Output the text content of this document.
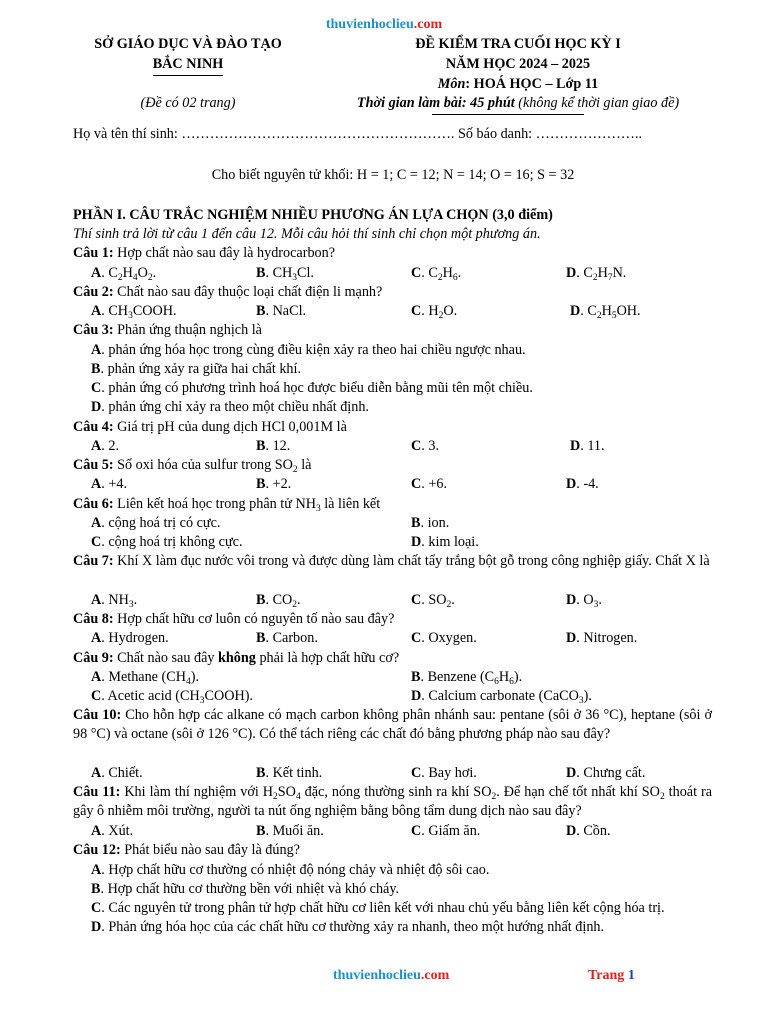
thuvienhoclieu.com
SỞ GIÁO DỤC VÀ ĐÀO TẠO
BẮC NINH
ĐỀ KIỂM TRA CUỐI HỌC KỲ I
NĂM HỌC 2024 – 2025
Môn: HOÁ HỌC – Lớp 11
(Đề có 02 trang)	Thời gian làm bài: 45 phút (không kể thời gian giao đề)
Họ và tên thí sinh: …………………………………………………. Số báo danh: …………………..
Cho biết nguyên tử khối: H = 1; C = 12; N = 14; O = 16; S = 32
PHẦN I. CÂU TRẮC NGHIỆM NHIỀU PHƯƠNG ÁN LỰA CHỌN (3,0 điểm)
Thí sinh trả lời từ câu 1 đến câu 12. Mỗi câu hỏi thí sinh chỉ chọn một phương án.
Câu 1: Hợp chất nào sau đây là hydrocarbon?
A. $C_2H_4O_2$.	B. $CH_3Cl$.	C. $C_2H_6$.	D. $C_2H_7N$.
Câu 2: Chất nào sau đây thuộc loại chất điện li mạnh?
A. $CH_3COOH$.	B. NaCl.	C. $H_2O$.	D. $C_2H_5OH$.
Câu 3: Phản ứng thuận nghịch là
A. phản ứng hóa học trong cùng điều kiện xảy ra theo hai chiều ngược nhau.
B. phản ứng xảy ra giữa hai chất khí.
C. phản ứng có phương trình hoá học được biểu diễn bằng mũi tên một chiều.
D. phản ứng chỉ xảy ra theo một chiều nhất định.
Câu 4: Giá trị pH của dung dịch HCl 0,001M là
A. 2.	B. 12.	C. 3.	D. 11.
Câu 5: Số oxi hóa của sulfur trong $SO_2$ là
A. +4.	B. +2.	C. +6.	D. -4.
Câu 6: Liên kết hoá học trong phân tử $NH_3$ là liên kết
A. cộng hoá trị có cực.	B. ion.
C. cộng hoá trị không cực.	D. kim loại.
Câu 7: Khí X làm đục nước vôi trong và được dùng làm chất tẩy trắng bột gỗ trong công nghiệp giấy. Chất X là
A. $NH_3$.	B. $CO_2$.	C. $SO_2$.	D. $O_3$.
Câu 8: Hợp chất hữu cơ luôn có nguyên tố nào sau đây?
A. Hydrogen.	B. Carbon.	C. Oxygen.	D. Nitrogen.
Câu 9: Chất nào sau đây không phải là hợp chất hữu cơ?
A. Methane $(CH_4)$.	B. Benzene $(C_6H_6)$.
C. Acetic acid $(CH_3COOH)$.	D. Calcium carbonate (CaCO$_3$).
Câu 10: Cho hỗn hợp các alkane có mạch carbon không phân nhánh sau: pentane (sôi ở 36 °C), heptane (sôi ở 98 °C) và octane (sôi ở 126 °C). Có thể tách riêng các chất đó bằng phương pháp nào sau đây?
A. Chiết.	B. Kết tinh.	C. Bay hơi.	D. Chưng cất.
Câu 11: Khi làm thí nghiệm với $H_2SO_4$ đặc, nóng thường sinh ra khí $SO_2$. Để hạn chế tốt nhất khí $SO_2$ thoát ra gây ô nhiễm môi trường, người ta nút ống nghiệm bằng bông tẩm dung dịch nào sau đây?
A. Xút.	B. Muối ăn.	C. Giấm ăn.	D. Cồn.
Câu 12: Phát biểu nào sau đây là đúng?
A. Hợp chất hữu cơ thường có nhiệt độ nóng chảy và nhiệt độ sôi cao.
B. Hợp chất hữu cơ thường bền với nhiệt và khó cháy.
C. Các nguyên tử trong phân tử hợp chất hữu cơ liên kết với nhau chủ yếu bằng liên kết cộng hóa trị.
D. Phản ứng hóa học của các chất hữu cơ thường xảy ra nhanh, theo một hướng nhất định.
thuvienhoclieu.com	Trang 1
